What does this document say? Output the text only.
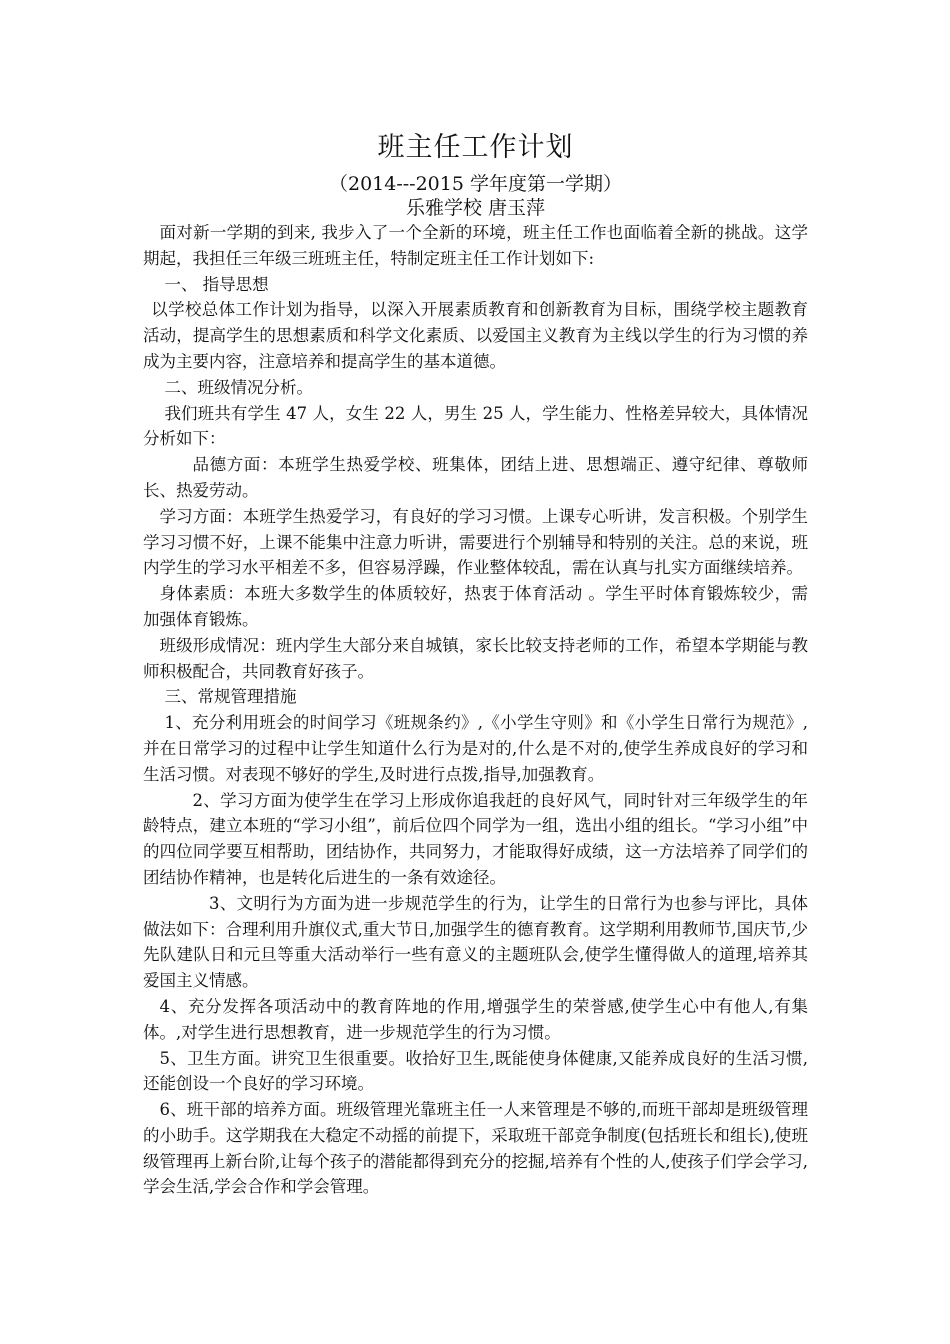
班主任工作计划

（2014---2015 学年度第一学期）

乐雅学校 唐玉萍

面对新一学期的到来, 我步入了一个全新的环境，班主任工作也面临着全新的挑战。这学期起，我担任三年级三班班主任，特制定班主任工作计划如下:

一、 指导思想

以学校总体工作计划为指导，以深入开展素质教育和创新教育为目标，围绕学校主题教育活动，提高学生的思想素质和科学文化素质、以爱国主义教育为主线以学生的行为习惯的养成为主要内容，注意培养和提高学生的基本道德。

二、班级情况分析。

我们班共有学生 47 人，女生 22 人，男生 25 人，学生能力、性格差异较大，具体情况分析如下：

品德方面：本班学生热爱学校、班集体，团结上进、思想端正、遵守纪律、尊敬师长、热爱劳动。

学习方面：本班学生热爱学习，有良好的学习习惯。上课专心听讲，发言积极。个别学生学习习惯不好，上课不能集中注意力听讲，需要进行个别辅导和特别的关注。总的来说，班内学生的学习水平相差不多，但容易浮躁，作业整体较乱，需在认真与扎实方面继续培养。

身体素质：本班大多数学生的体质较好，热衷于体育活动 。学生平时体育锻炼较少，需加强体育锻炼。

班级形成情况：班内学生大部分来自城镇，家长比较支持老师的工作，希望本学期能与教师积极配合，共同教育好孩子。

三、常规管理措施

1、充分利用班会的时间学习《班规条约》,《小学生守则》和《小学生日常行为规范》,并在日常学习的过程中让学生知道什么行为是对的,什么是不对的,使学生养成良好的学习和生活习惯。对表现不够好的学生,及时进行点拨,指导,加强教育。

2、学习方面为使学生在学习上形成你追我赶的良好风气，同时针对三年级学生的年龄特点，建立本班的“学习小组”，前后位四个同学为一组，选出小组的组长。“学习小组”中的四位同学要互相帮助，团结协作，共同努力，才能取得好成绩，这一方法培养了同学们的团结协作精神，也是转化后进生的一条有效途径。

3、文明行为方面为进一步规范学生的行为，让学生的日常行为也参与评比，具体做法如下：合理利用升旗仪式,重大节日,加强学生的德育教育。这学期利用教师节,国庆节,少先队建队日和元旦等重大活动举行一些有意义的主题班队会,使学生懂得做人的道理,培养其爱国主义情感。

4、充分发挥各项活动中的教育阵地的作用,增强学生的荣誉感,使学生心中有他人,有集体。,对学生进行思想教育，进一步规范学生的行为习惯。

5、卫生方面。讲究卫生很重要。收拾好卫生,既能使身体健康,又能养成良好的生活习惯,还能创设一个良好的学习环境。

6、班干部的培养方面。班级管理光靠班主任一人来管理是不够的,而班干部却是班级管理的小助手。这学期我在大稳定不动摇的前提下，采取班干部竞争制度(包括班长和组长),使班级管理再上新台阶,让每个孩子的潜能都得到充分的挖掘,培养有个性的人,使孩子们学会学习,学会生活,学会合作和学会管理。
